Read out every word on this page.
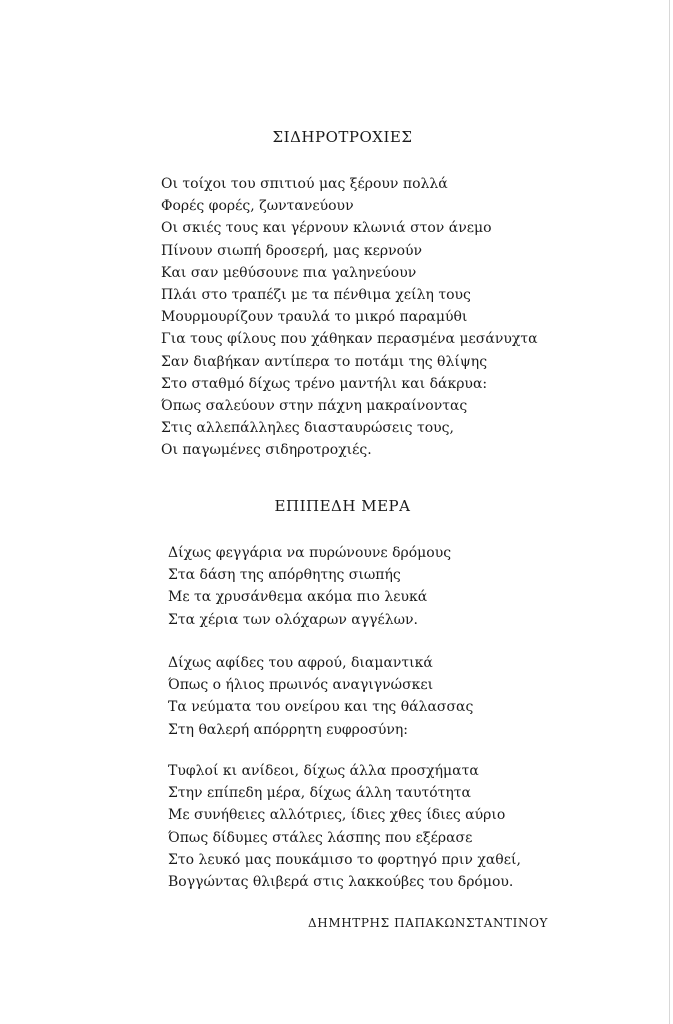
ΣΙΔΗΡΟΤΡΟΧΙΕΣ
Οι τοίχοι του σπιτιού μας ξέρουν πολλά
Φορές φορές, ζωντανεύουν
Οι σκιές τους και γέρνουν κλωνιά στον άνεμο
Πίνουν σιωπή δροσερή, μας κερνούν
Και σαν μεθύσουνε πια γαληνεύουν
Πλάι στο τραπέζι με τα πένθιμα χείλη τους
Μουρμουρίζουν τραυλά το μικρό παραμύθι
Για τους φίλους που χάθηκαν περασμένα μεσάνυχτα
Σαν διαβήκαν αντίπερα το ποτάμι της θλίψης
Στο σταθμό δίχως τρένο μαντήλι και δάκρυα:
Όπως σαλεύουν στην πάχνη μακραίνοντας
Στις αλλεπάλληλες διασταυρώσεις τους,
Οι παγωμένες σιδηροτροχιές.
ΕΠΙΠΕΔΗ ΜΕΡΑ
Δίχως φεγγάρια να πυρώνουνε δρόμους
Στα δάση της απόρθητης σιωπής
Με τα χρυσάνθεμα ακόμα πιο λευκά
Στα χέρια των ολόχαρων αγγέλων.
Δίχως αφίδες του αφρού, διαμαντικά
Όπως ο ήλιος πρωινός αναγιγνώσκει
Τα νεύματα του ονείρου και της θάλασσας
Στη θαλερή απόρρητη ευφροσύνη:
Τυφλοί κι ανίδεοι, δίχως άλλα προσχήματα
Στην επίπεδη μέρα, δίχως άλλη ταυτότητα
Με συνήθειες αλλότριες, ίδιες χθες ίδιες αύριο
Όπως δίδυμες στάλες λάσπης που εξέρασε
Στο λευκό μας πουκάμισο το φορτηγό πριν χαθεί,
Βογγώντας θλιβερά στις λακκούβες του δρόμου.

ΔΗΜΗΤΡΗΣ ΠΑΠΑΚΩΝΣΤΑΝΤΙΝΟΥ
